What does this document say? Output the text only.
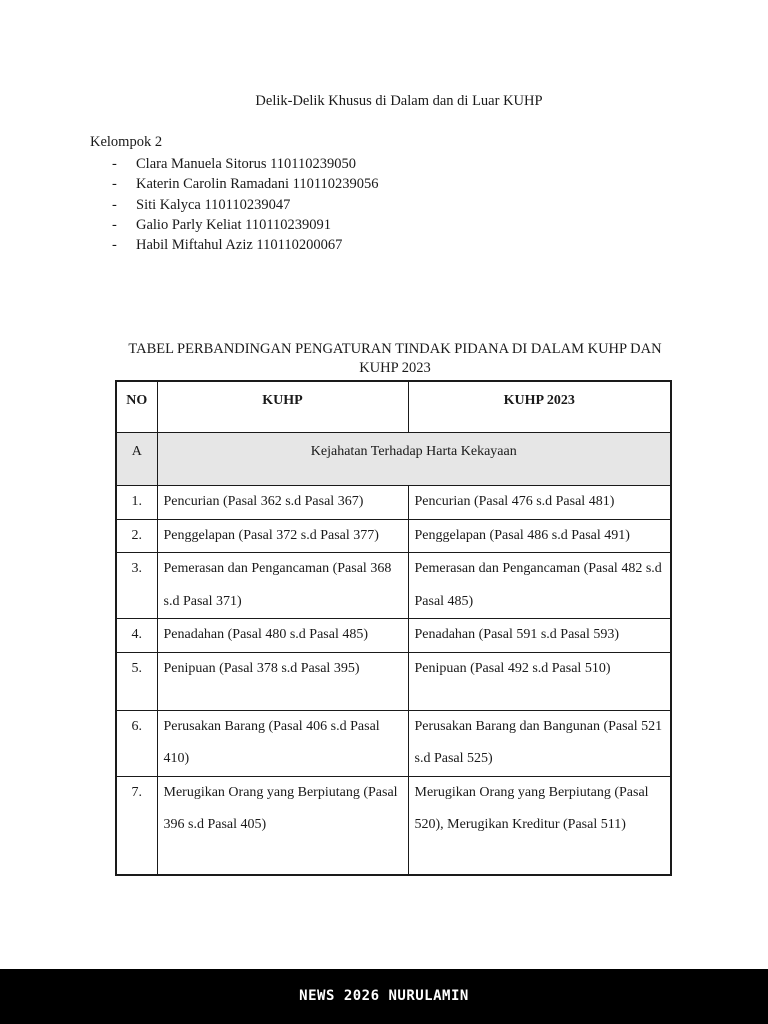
Delik-Delik Khusus di Dalam dan di Luar KUHP
Kelompok 2
-	Clara Manuela Sitorus 110110239050
-	Katerin Carolin Ramadani 110110239056
-	Siti Kalyca 110110239047
-	Galio Parly Keliat 110110239091
-	Habil Miftahul Aziz 110110200067
TABEL PERBANDINGAN PENGATURAN TINDAK PIDANA DI DALAM KUHP DAN KUHP 2023
NO	KUHP	KUHP 2023

A	Kejahatan Terhadap Harta Kekayaan	

1.	Pencurian (Pasal 362 s.d Pasal 367)	Pencurian (Pasal 476 s.d Pasal 481)

2.	Penggelapan (Pasal 372 s.d Pasal 377)	Penggelapan (Pasal 486 s.d Pasal 491)

3.	Pemerasan dan Pengancaman (Pasal 368 s.d Pasal 371)	Pemerasan dan Pengancaman (Pasal 482 s.d Pasal 485)

4.	Penadahan (Pasal 480 s.d Pasal 485)	Penadahan (Pasal 591 s.d Pasal 593)

5.	Penipuan (Pasal 378 s.d Pasal 395)	Penipuan (Pasal 492 s.d Pasal 510)

6.	Perusakan Barang (Pasal 406 s.d Pasal 410)	Perusakan Barang dan Bangunan (Pasal 521 s.d Pasal 525)

7.	Merugikan Orang yang Berpiutang (Pasal 396 s.d Pasal 405)	Merugikan Orang yang Berpiutang (Pasal 520), Merugikan Kreditur (Pasal 511)
NEWS 2026 NURULAMIN
